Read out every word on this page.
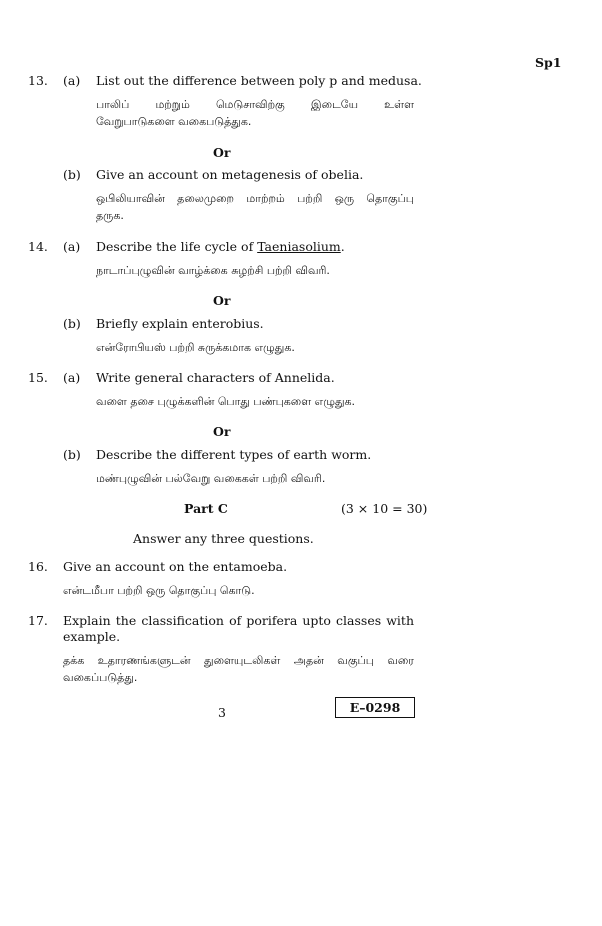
Sp1
13. (a) List out the difference between poly p and medusa.
பாலிப் மற்றும் மெடுசாவிற்கு இடையே உள்ள
வேறுபாடுகளை வகைபடுத்துக.
Or
(b) Give an account on metagenesis of obelia.
ஒபிலியாவின் தலைமுறை மாற்றம் பற்றி ஒரு தொகுப்பு
தருக.
14. (a) Describe the life cycle of Taeniasolium.
நாடாப்புழுவின் வாழ்க்கை சுழற்சி பற்றி விவரி.
Or
(b) Briefly explain enterobius.
என்ரோபியஸ் பற்றி சுருக்கமாக எழுதுக.
15. (a) Write general characters of Annelida.
வளை தசை புழுக்களின் பொது பண்புகளை எழுதுக.
Or
(b) Describe the different types of earth worm.
மண்புழுவின் பல்வேறு வகைகள் பற்றி விவரி.
Part C	(3 × 10 = 30)
Answer any three questions.
16. Give an account on the entamoeba.
என்டமீபா பற்றி ஒரு தொகுப்பு கொடு.
17. Explain the classification of porifera upto classes with
example.
தக்க உதாரணங்களுடன் துளையுடலிகள் அதன் வகுப்பு வரை
வகைப்படுத்து.
3	E–0298
